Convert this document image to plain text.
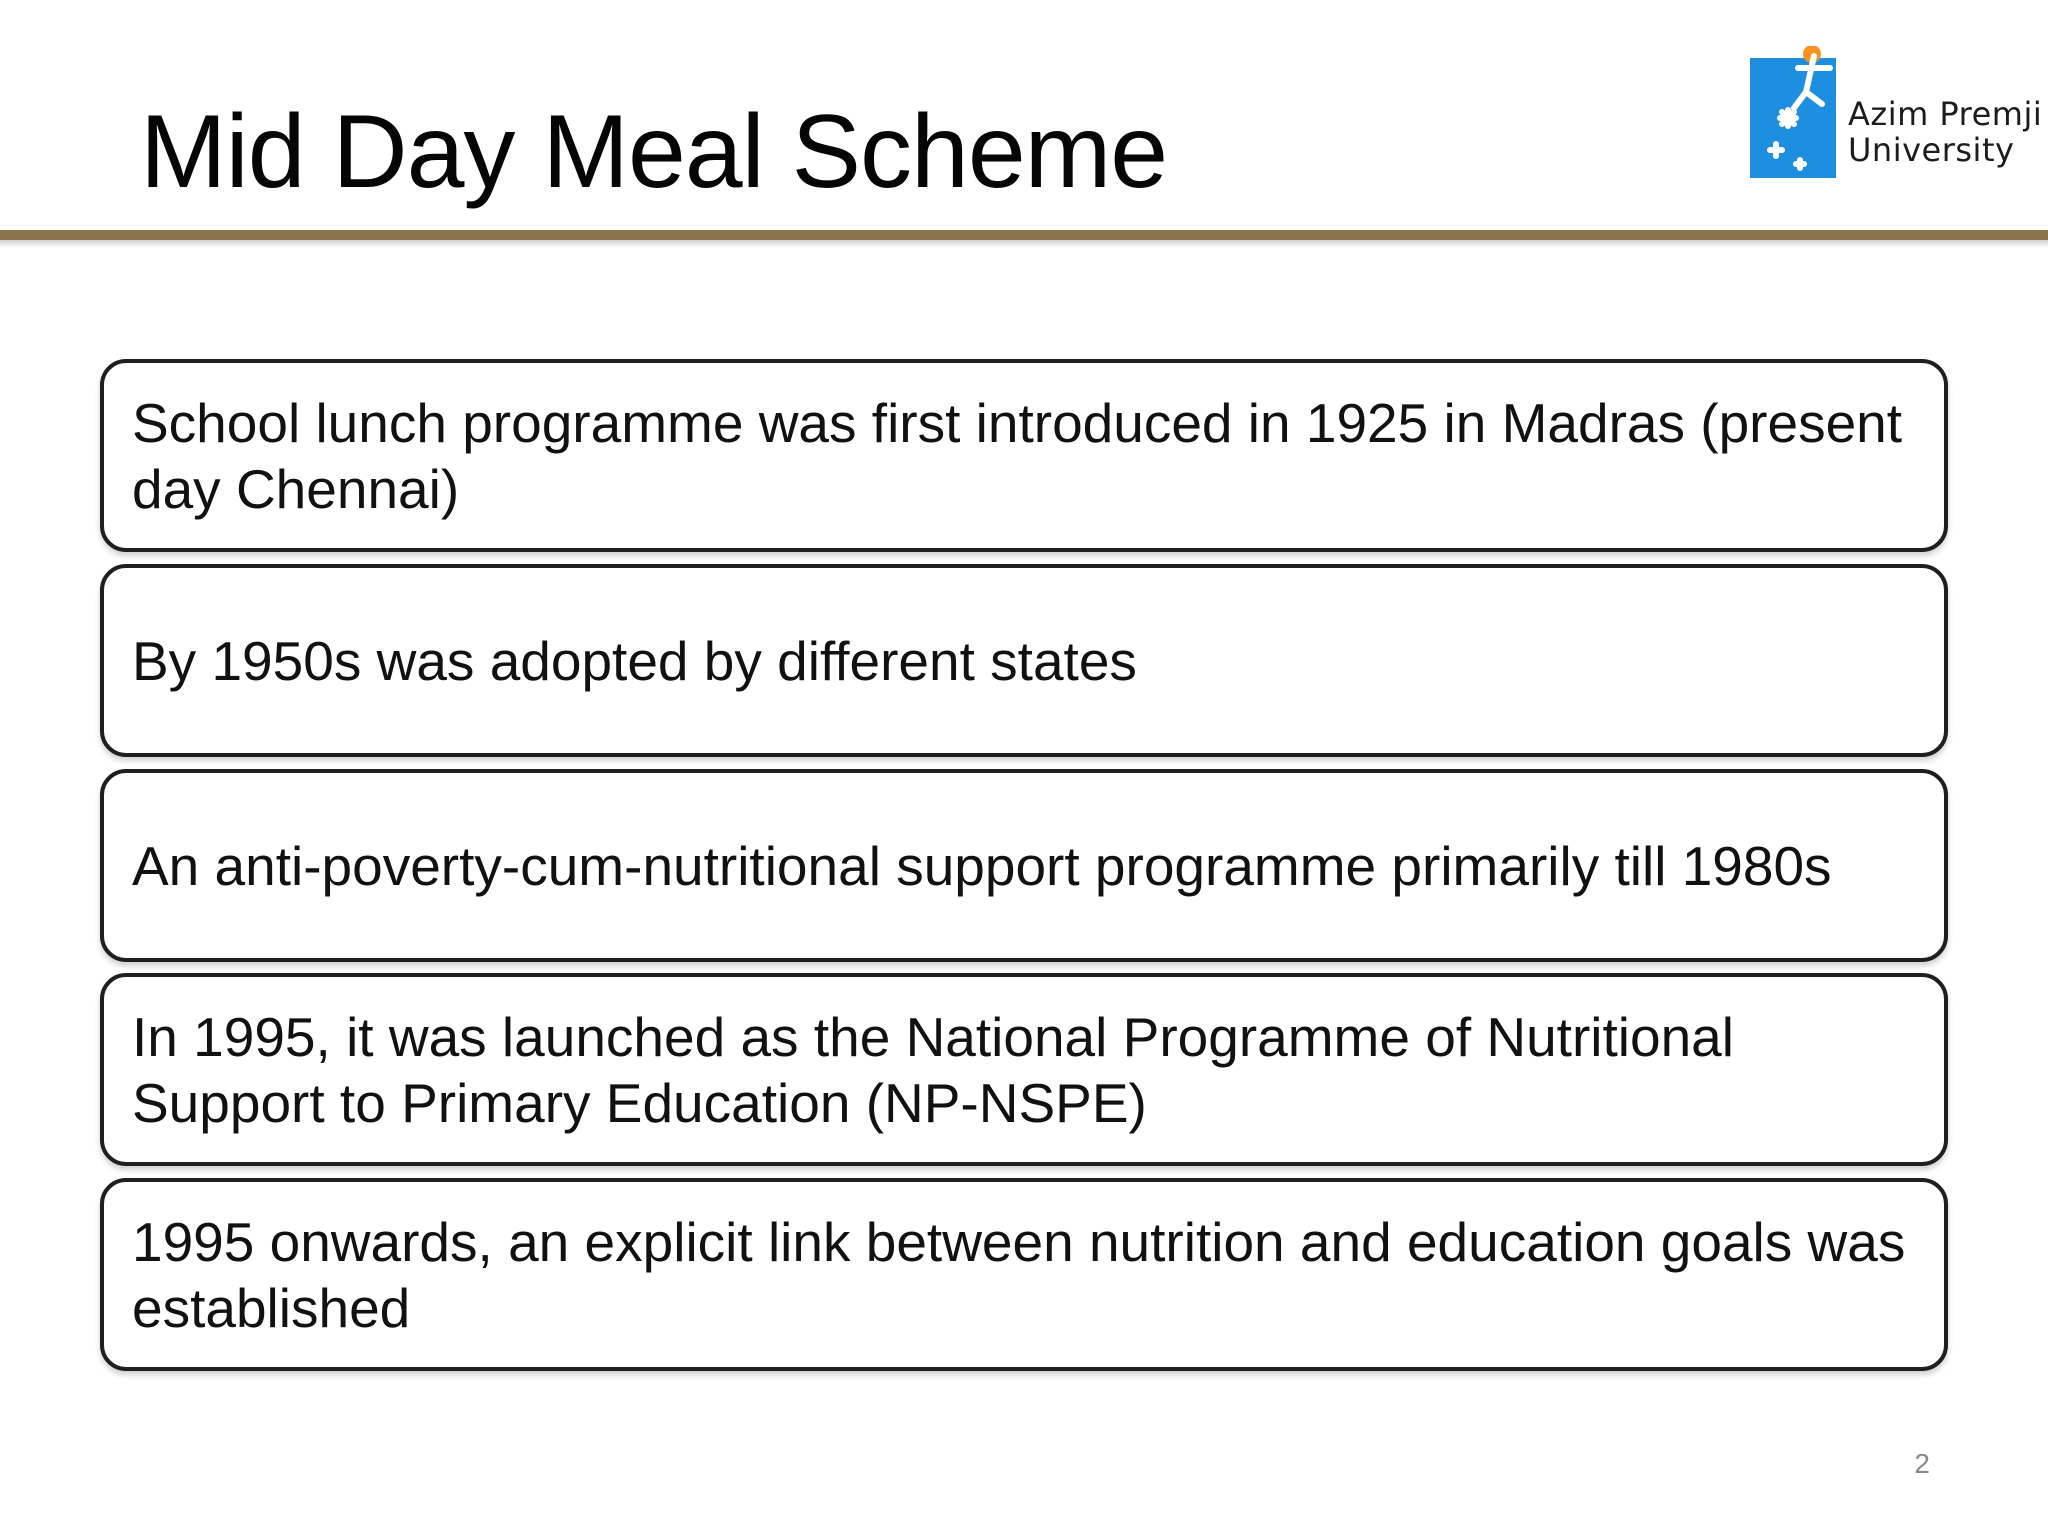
Mid Day Meal Scheme	Azim Premji
University

School lunch programme was first introduced in 1925 in Madras (present day Chennai)

By 1950s was adopted by different states

An anti-poverty-cum-nutritional support programme primarily till 1980s

In 1995, it was launched as the National Programme of Nutritional Support to Primary Education (NP-NSPE)

1995 onwards, an explicit link between nutrition and education goals was established

2
